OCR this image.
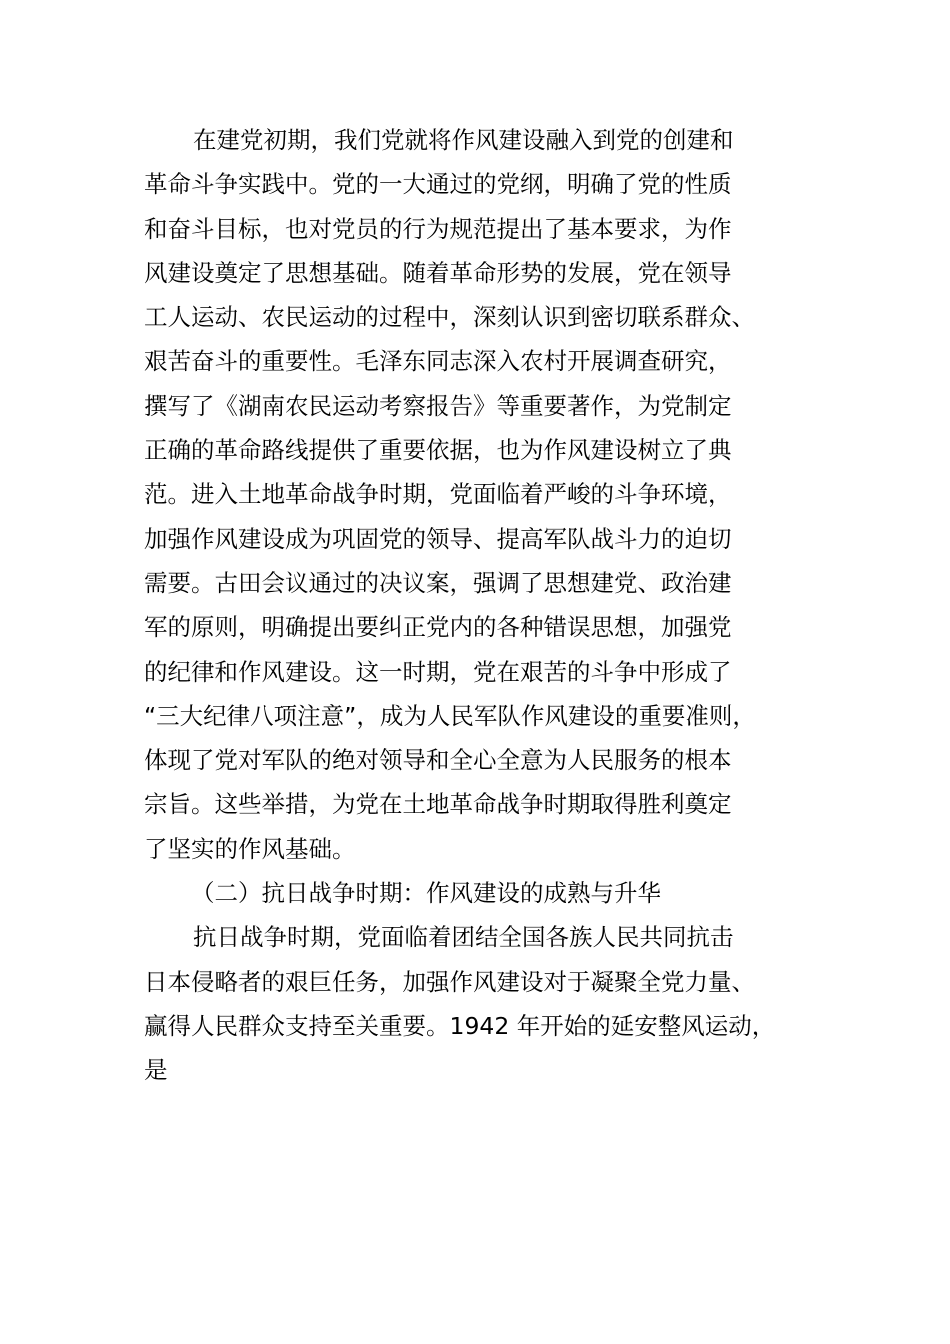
在建党初期，我们党就将作风建设融入到党的创建和
革命斗争实践中。党的一大通过的党纲，明确了党的性质
和奋斗目标，也对党员的行为规范提出了基本要求，为作
风建设奠定了思想基础。随着革命形势的发展，党在领导
工人运动、农民运动的过程中，深刻认识到密切联系群众、
艰苦奋斗的重要性。毛泽东同志深入农村开展调查研究，
撰写了《湖南农民运动考察报告》等重要著作，为党制定
正确的革命路线提供了重要依据，也为作风建设树立了典
范。进入土地革命战争时期，党面临着严峻的斗争环境，
加强作风建设成为巩固党的领导、提高军队战斗力的迫切
需要。古田会议通过的决议案，强调了思想建党、政治建
军的原则，明确提出要纠正党内的各种错误思想，加强党
的纪律和作风建设。这一时期，党在艰苦的斗争中形成了
“三大纪律八项注意”，成为人民军队作风建设的重要准则，
体现了党对军队的绝对领导和全心全意为人民服务的根本
宗旨。这些举措，为党在土地革命战争时期取得胜利奠定
了坚实的作风基础。
（二）抗日战争时期：作风建设的成熟与升华
抗日战争时期，党面临着团结全国各族人民共同抗击
日本侵略者的艰巨任务，加强作风建设对于凝聚全党力量、
赢得人民群众支持至关重要。1942 年开始的延安整风运动，
是
